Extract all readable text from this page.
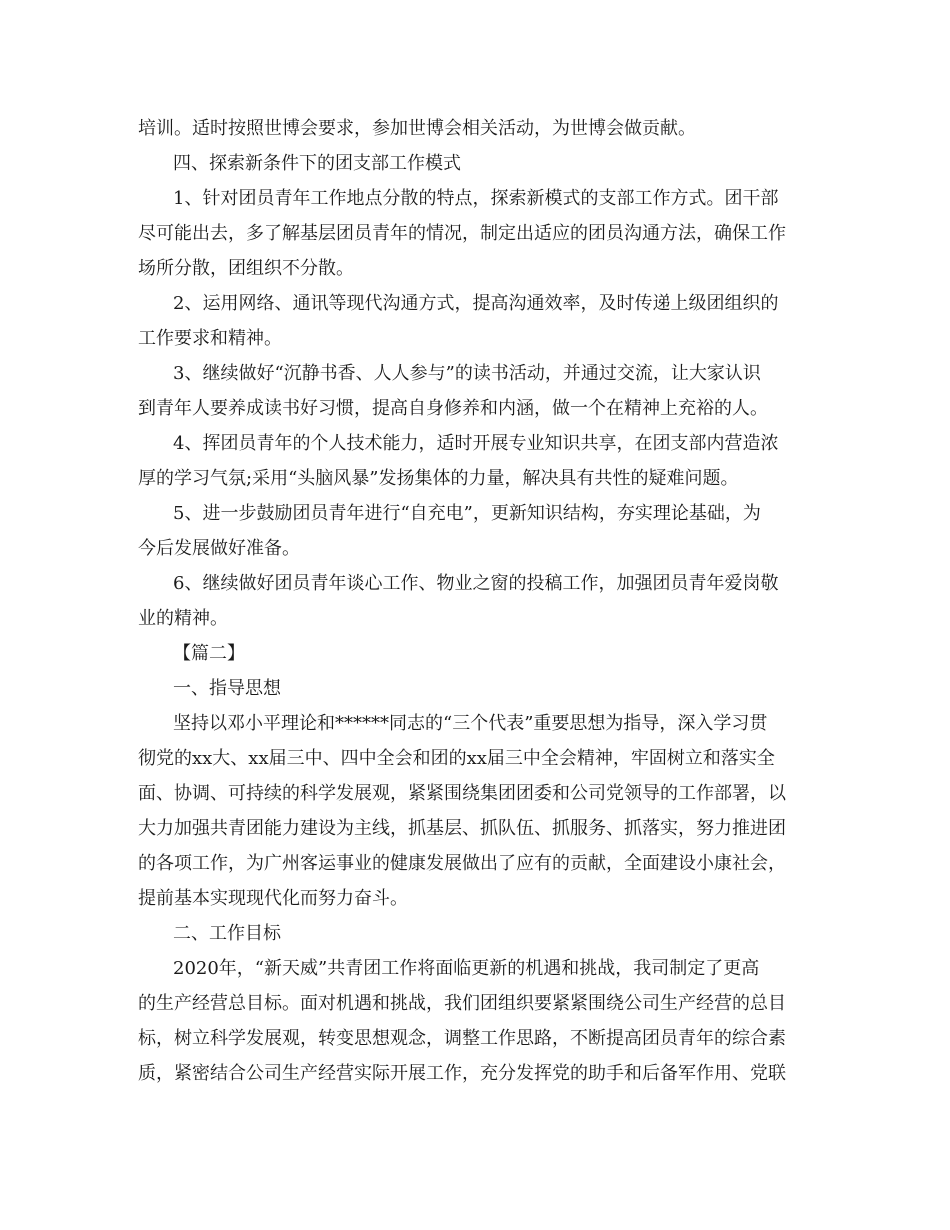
培训。适时按照世博会要求，参加世博会相关活动，为世博会做贡献。
四、探索新条件下的团支部工作模式
1、针对团员青年工作地点分散的特点，探索新模式的支部工作方式。团干部
尽可能出去，多了解基层团员青年的情况，制定出适应的团员沟通方法，确保工作
场所分散，团组织不分散。
2、运用网络、通讯等现代沟通方式，提高沟通效率，及时传递上级团组织的
工作要求和精神。
3、继续做好“沉静书香、人人参与”的读书活动，并通过交流，让大家认识
到青年人要养成读书好习惯，提高自身修养和内涵，做一个在精神上充裕的人。
4、挥团员青年的个人技术能力，适时开展专业知识共享，在团支部内营造浓
厚的学习气氛;采用“头脑风暴”发扬集体的力量，解决具有共性的疑难问题。
5、进一步鼓励团员青年进行“自充电”，更新知识结构，夯实理论基础，为
今后发展做好准备。
6、继续做好团员青年谈心工作、物业之窗的投稿工作，加强团员青年爱岗敬
业的精神。
【篇二】
一、指导思想
坚持以邓小平理论和******同志的“三个代表”重要思想为指导，深入学习贯
彻党的xx大、xx届三中、四中全会和团的xx届三中全会精神，牢固树立和落实全
面、协调、可持续的科学发展观，紧紧围绕集团团委和公司党领导的工作部署，以
大力加强共青团能力建设为主线，抓基层、抓队伍、抓服务、抓落实，努力推进团
的各项工作，为广州客运事业的健康发展做出了应有的贡献，全面建设小康社会，
提前基本实现现代化而努力奋斗。
二、工作目标
2020年，“新天威”共青团工作将面临更新的机遇和挑战，我司制定了更高
的生产经营总目标。面对机遇和挑战，我们团组织要紧紧围绕公司生产经营的总目
标，树立科学发展观，转变思想观念，调整工作思路，不断提高团员青年的综合素
质，紧密结合公司生产经营实际开展工作，充分发挥党的助手和后备军作用、党联
